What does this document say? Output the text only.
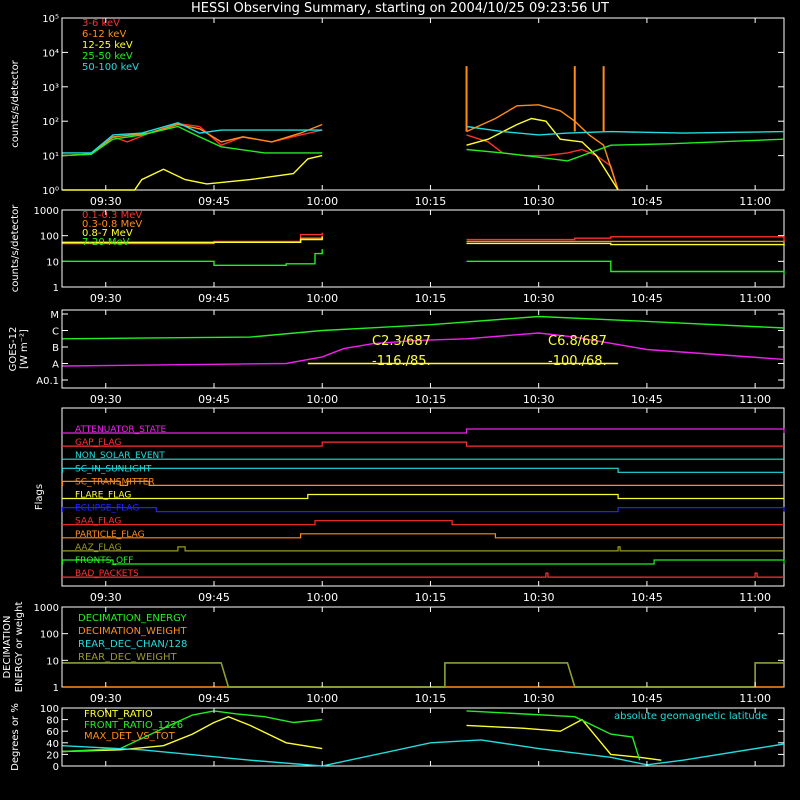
HESSI Observing Summary, starting on 2004/10/25 09:23:56 UT
10⁰
10¹
10²
10³
10⁴
10⁵
counts/s/detector
3-6 keV
6-12 keV
12-25 keV
25-50 keV
50-100 keV
09:30	09:45	10:00	10:15	10:30	10:45	11:00
1000
100
10
1
counts/s/detector	0.1-0.3 MeV
0.3-0.8 MeV
0.8-7 MeV
7-20 MeV
09:30	09:45	10:00	10:15	10:30	10:45	11:00
M
C
B
A
A0.1
GOES-12 [W m⁻²]	C2.3/687
-116./85.
C6.8/687
-100./68.
09:30	09:45	10:00	10:15	10:30	10:45	11:00
Flags
ATTENUATOR_STATE
GAP_FLAG
NON_SOLAR_EVENT
SC_IN_SUNLIGHT
SC_TRANSMITTER
FLARE_FLAG
ECLIPSE_FLAG
SAA_FLAG
PARTICLE_FLAG
AAZ_FLAG
FRONTS_OFF
BAD_PACKETS
09:30	09:45	10:00	10:15	10:30	10:45	11:00
1000
100
10
1
DECIMATION ENERGY or weight	DECIMATION_ENERGY
DECIMATION_WEIGHT
REAR_DEC_CHAN/128
REAR_DEC_WEIGHT
09:30	09:45	10:00	10:15	10:30	10:45	11:00
0
20
40
60
80
100
Degrees or %	FRONT_RATIO
FRONT_RATIO_1226
MAX_DET_VS_TOT
absolute geomagnetic latitude
